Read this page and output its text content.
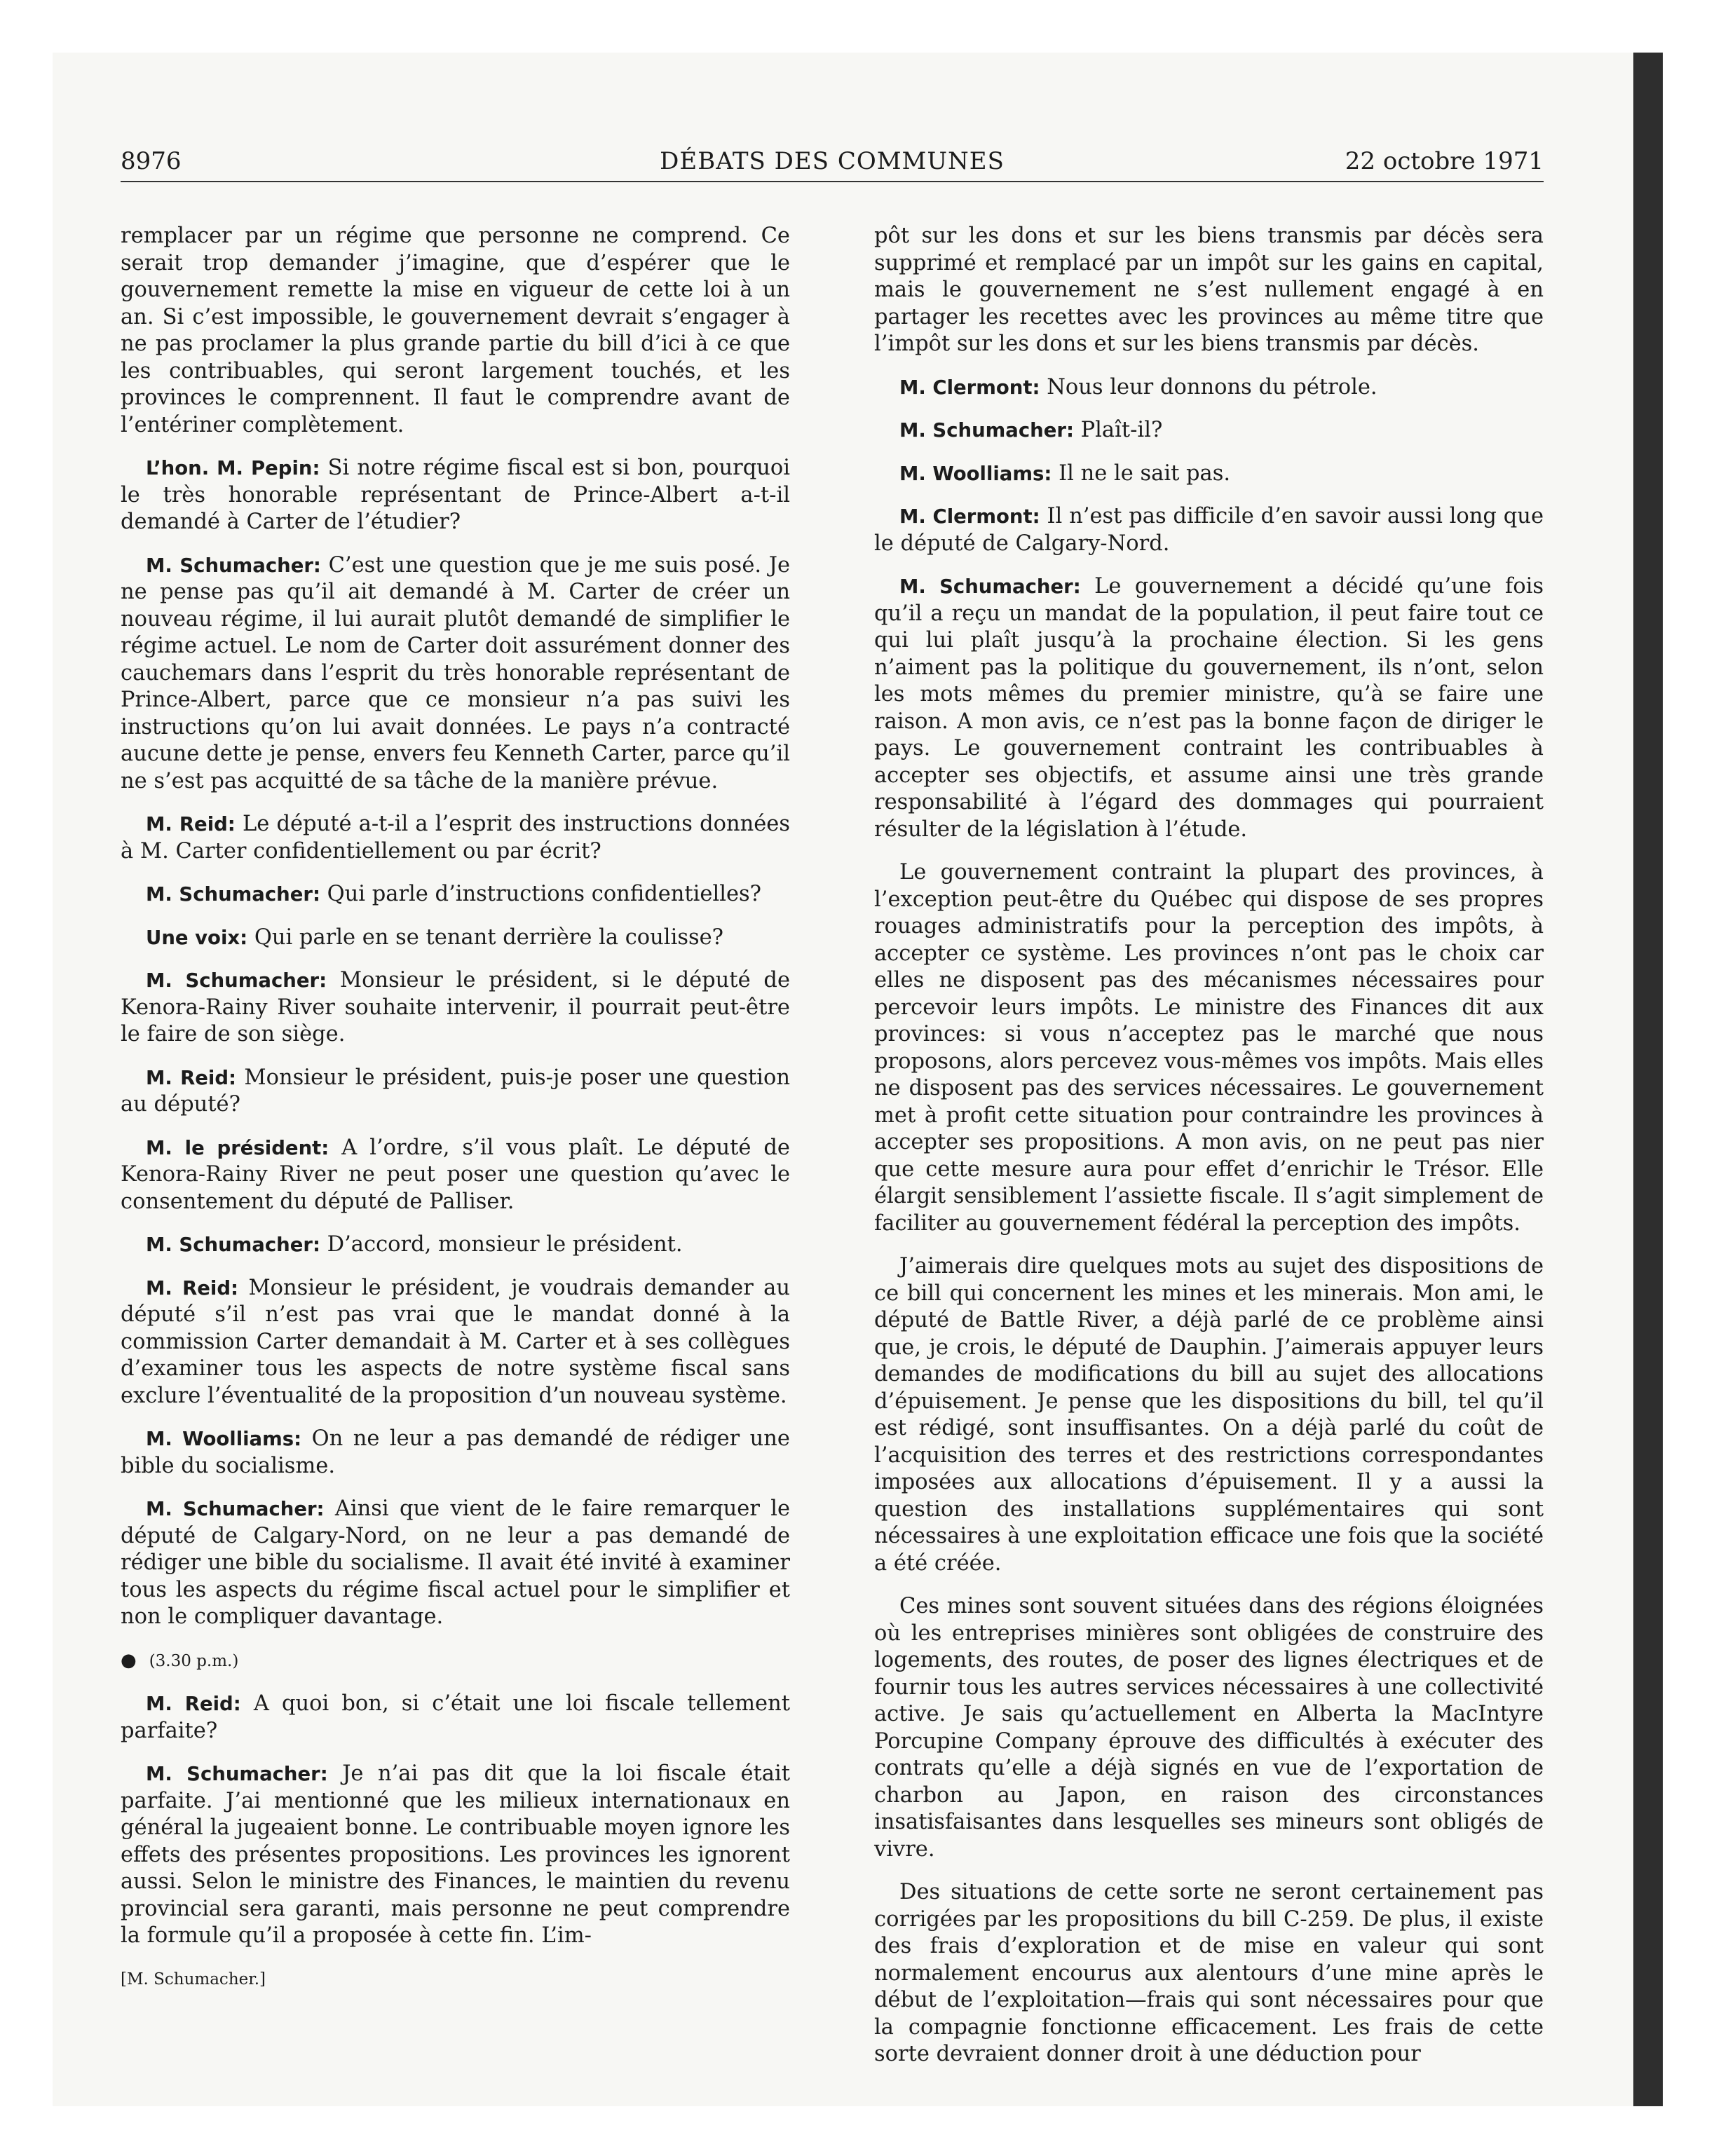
8976	DÉBATS DES COMMUNES	22 octobre 1971

remplacer par un régime que personne ne comprend. Ce serait trop demander j’imagine, que d’espérer que le gouvernement remette la mise en vigueur de cette loi à un an. Si c’est impossible, le gouvernement devrait s’engager à ne pas proclamer la plus grande partie du bill d’ici à ce que les contribuables, qui seront largement touchés, et les provinces le comprennent. Il faut le comprendre avant de l’entériner complètement.

L’hon. M. Pepin: Si notre régime fiscal est si bon, pourquoi le très honorable représentant de Prince-Albert a-t-il demandé à Carter de l’étudier?

M. Schumacher: C’est une question que je me suis posé. Je ne pense pas qu’il ait demandé à M. Carter de créer un nouveau régime, il lui aurait plutôt demandé de simplifier le régime actuel. Le nom de Carter doit assurément donner des cauchemars dans l’esprit du très honorable représentant de Prince-Albert, parce que ce monsieur n’a pas suivi les instructions qu’on lui avait données. Le pays n’a contracté aucune dette je pense, envers feu Kenneth Carter, parce qu’il ne s’est pas acquitté de sa tâche de la manière prévue.

M. Reid: Le député a-t-il a l’esprit des instructions données à M. Carter confidentiellement ou par écrit?

M. Schumacher: Qui parle d’instructions confidentielles?

Une voix: Qui parle en se tenant derrière la coulisse?

M. Schumacher: Monsieur le président, si le député de Kenora-Rainy River souhaite intervenir, il pourrait peut-être le faire de son siège.

M. Reid: Monsieur le président, puis-je poser une question au député?

M. le président: A l’ordre, s’il vous plaît. Le député de Kenora-Rainy River ne peut poser une question qu’avec le consentement du député de Palliser.

M. Schumacher: D’accord, monsieur le président.

M. Reid: Monsieur le président, je voudrais demander au député s’il n’est pas vrai que le mandat donné à la commission Carter demandait à M. Carter et à ses collègues d’examiner tous les aspects de notre système fiscal sans exclure l’éventualité de la proposition d’un nouveau système.

M. Woolliams: On ne leur a pas demandé de rédiger une bible du socialisme.

M. Schumacher: Ainsi que vient de le faire remarquer le député de Calgary-Nord, on ne leur a pas demandé de rédiger une bible du socialisme. Il avait été invité à examiner tous les aspects du régime fiscal actuel pour le simplifier et non le compliquer davantage.

● (3.30 p.m.)

M. Reid: A quoi bon, si c’était une loi fiscale tellement parfaite?

M. Schumacher: Je n’ai pas dit que la loi fiscale était parfaite. J’ai mentionné que les milieux internationaux en général la jugeaient bonne. Le contribuable moyen ignore les effets des présentes propositions. Les provinces les ignorent aussi. Selon le ministre des Finances, le maintien du revenu provincial sera garanti, mais personne ne peut comprendre la formule qu’il a proposée à cette fin. L’im-

[M. Schumacher.]

pôt sur les dons et sur les biens transmis par décès sera supprimé et remplacé par un impôt sur les gains en capital, mais le gouvernement ne s’est nullement engagé à en partager les recettes avec les provinces au même titre que l’impôt sur les dons et sur les biens transmis par décès.

M. Clermont: Nous leur donnons du pétrole.

M. Schumacher: Plaît-il?

M. Woolliams: Il ne le sait pas.

M. Clermont: Il n’est pas difficile d’en savoir aussi long que le député de Calgary-Nord.

M. Schumacher: Le gouvernement a décidé qu’une fois qu’il a reçu un mandat de la population, il peut faire tout ce qui lui plaît jusqu’à la prochaine élection. Si les gens n’aiment pas la politique du gouvernement, ils n’ont, selon les mots mêmes du premier ministre, qu’à se faire une raison. A mon avis, ce n’est pas la bonne façon de diriger le pays. Le gouvernement contraint les contribuables à accepter ses objectifs, et assume ainsi une très grande responsabilité à l’égard des dommages qui pourraient résulter de la législation à l’étude.

Le gouvernement contraint la plupart des provinces, à l’exception peut-être du Québec qui dispose de ses propres rouages administratifs pour la perception des impôts, à accepter ce système. Les provinces n’ont pas le choix car elles ne disposent pas des mécanismes nécessaires pour percevoir leurs impôts. Le ministre des Finances dit aux provinces: si vous n’acceptez pas le marché que nous proposons, alors percevez vous-mêmes vos impôts. Mais elles ne disposent pas des services nécessaires. Le gouvernement met à profit cette situation pour contraindre les provinces à accepter ses propositions. A mon avis, on ne peut pas nier que cette mesure aura pour effet d’enrichir le Trésor. Elle élargit sensiblement l’assiette fiscale. Il s’agit simplement de faciliter au gouvernement fédéral la perception des impôts.

J’aimerais dire quelques mots au sujet des dispositions de ce bill qui concernent les mines et les minerais. Mon ami, le député de Battle River, a déjà parlé de ce problème ainsi que, je crois, le député de Dauphin. J’aimerais appuyer leurs demandes de modifications du bill au sujet des allocations d’épuisement. Je pense que les dispositions du bill, tel qu’il est rédigé, sont insuffisantes. On a déjà parlé du coût de l’acquisition des terres et des restrictions correspondantes imposées aux allocations d’épuisement. Il y a aussi la question des installations supplémentaires qui sont nécessaires à une exploitation efficace une fois que la société a été créée.

Ces mines sont souvent situées dans des régions éloignées où les entreprises minières sont obligées de construire des logements, des routes, de poser des lignes électriques et de fournir tous les autres services nécessaires à une collectivité active. Je sais qu’actuellement en Alberta la MacIntyre Porcupine Company éprouve des difficultés à exécuter des contrats qu’elle a déjà signés en vue de l’exportation de charbon au Japon, en raison des circonstances insatisfaisantes dans lesquelles ses mineurs sont obligés de vivre.

Des situations de cette sorte ne seront certainement pas corrigées par les propositions du bill C-259. De plus, il existe des frais d’exploration et de mise en valeur qui sont normalement encourus aux alentours d’une mine après le début de l’exploitation—frais qui sont nécessaires pour que la compagnie fonctionne efficacement. Les frais de cette sorte devraient donner droit à une déduction pour
